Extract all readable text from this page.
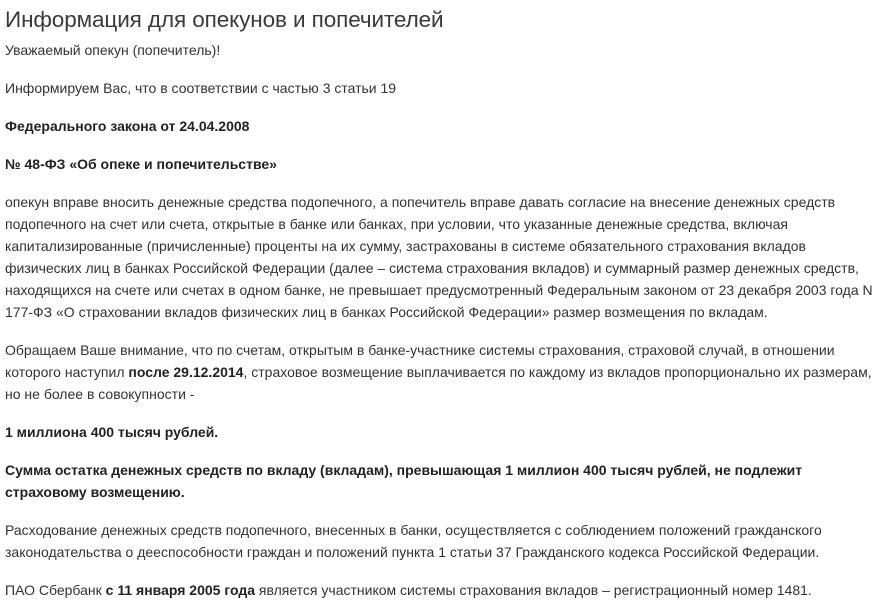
Информация для опекунов и попечителей

Уважаемый опекун (попечитель)!

Информируем Вас, что в соответствии с частью 3 статьи 19

Федерального закона от 24.04.2008

№ 48-ФЗ «Об опеке и попечительстве»

опекун вправе вносить денежные средства подопечного, а попечитель вправе давать согласие на внесение денежных средств подопечного на счет или счета, открытые в банке или банках, при условии, что указанные денежные средства, включая капитализированные (причисленные) проценты на их сумму, застрахованы в системе обязательного страхования вкладов физических лиц в банках Российской Федерации (далее – система страхования вкладов) и суммарный размер денежных средств, находящихся на счете или счетах в одном банке, не превышает предусмотренный Федеральным законом от 23 декабря 2003 года N 177-ФЗ «О страховании вкладов физических лиц в банках Российской Федерации» размер возмещения по вкладам.

Обращаем Ваше внимание, что по счетам, открытым в банке-участнике системы страхования, страховой случай, в отношении которого наступил после 29.12.2014, страховое возмещение выплачивается по каждому из вкладов пропорционально их размерам, но не более в совокупности -

1 миллиона 400 тысяч рублей.

Сумма остатка денежных средств по вкладу (вкладам), превышающая 1 миллион 400 тысяч рублей, не подлежит страховому возмещению.

Расходование денежных средств подопечного, внесенных в банки, осуществляется с соблюдением положений гражданского законодательства о дееспособности граждан и положений пункта 1 статьи 37 Гражданского кодекса Российской Федерации.

ПАО Сбербанк с 11 января 2005 года является участником системы страхования вкладов – регистрационный номер 1481.
